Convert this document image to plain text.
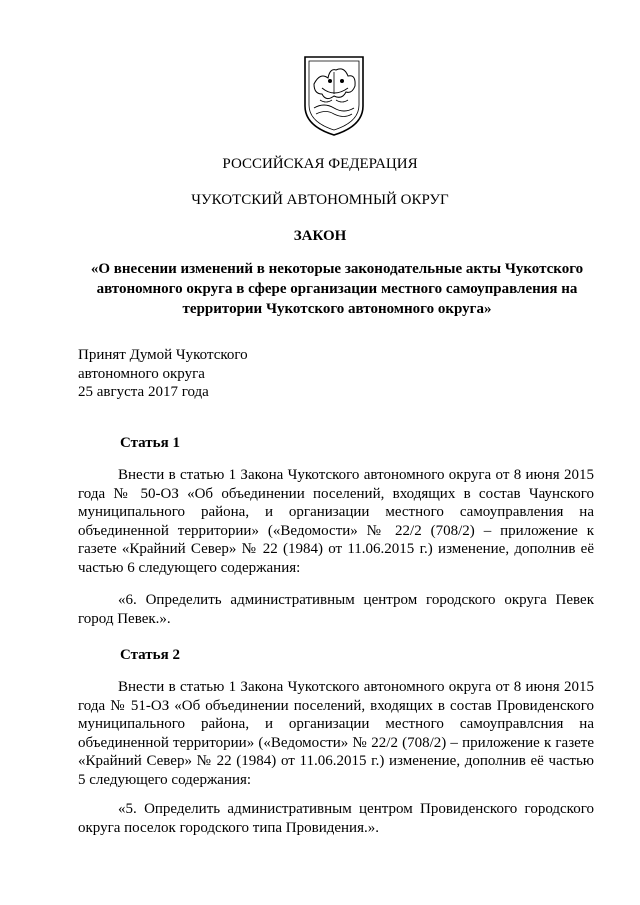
РОССИЙСКАЯ ФЕДЕРАЦИЯ
ЧУКОТСКИЙ АВТОНОМНЫЙ ОКРУГ
ЗАКОН
«О внесении изменений в некоторые законодательные акты Чукотского
автономного округа в сфере организации местного самоуправления на
территории Чукотского автономного округа»
Принят Думой Чукотского
автономного округа
25 августа 2017 года
Статья 1
Внести в статью 1 Закона Чукотского автономного округа от 8 июня 2015
года № 50-ОЗ «Об объединении поселений, входящих в состав Чаунского
муниципального района, и организации местного самоуправления на
объединенной территории» («Ведомости» № 22/2 (708/2) – приложение к
газете «Крайний Север» № 22 (1984) от 11.06.2015 г.) изменение, дополнив её
частью 6 следующего содержания:
«6. Определить административным центром городского округа Певек
город Певек.».
Статья 2
Внести в статью 1 Закона Чукотского автономного округа от 8 июня 2015
года № 51-ОЗ «Об объединении поселений, входящих в состав Провиденского
муниципального района, и организации местного самоуправлсния на
объединенной территории» («Ведомости» № 22/2 (708/2) – приложение к газете
«Крайний Север» № 22 (1984) от 11.06.2015 г.) изменение, дополнив её частью
5 следующего содержания:
«5. Определить административным центром Провиденского городского
округа поселок городского типа Провидения.».
